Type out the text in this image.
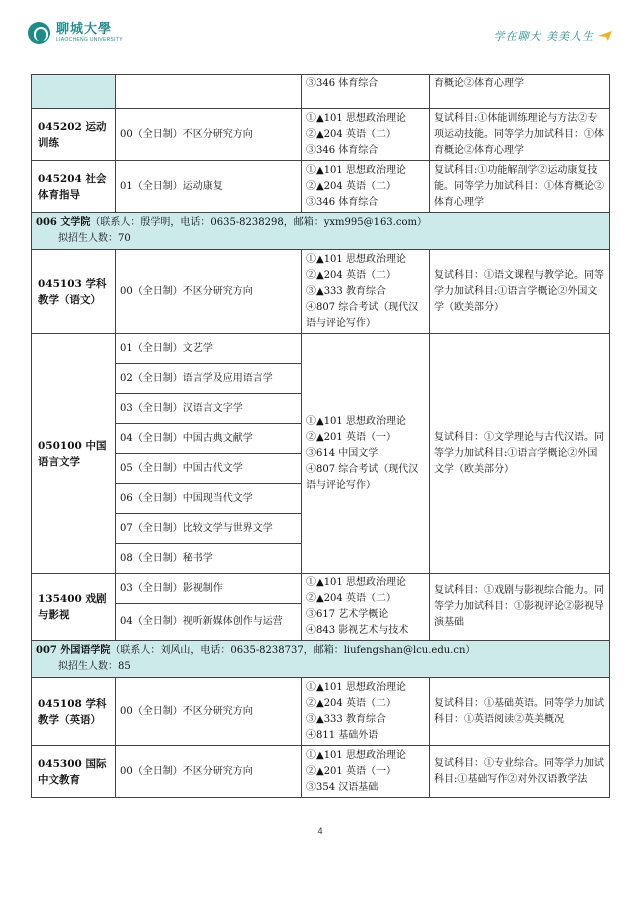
聊城大學
LIAOCHENG UNIVERSITY	学在聊大 美美人生

		③346 体育综合	育概论②体育心理学
045202 运动训练	00（全日制）不区分研究方向	①▲101 思想政治理论
②▲204 英语（二）
③346 体育综合	复试科目:①体能训练理论与方法②专项运动技能。同等学力加试科目：①体育概论②体育心理学
045204 社会体育指导	01（全日制）运动康复	①▲101 思想政治理论
②▲204 英语（二）
③346 体育综合	复试科目:①功能解剖学②运动康复技能。同等学力加试科目：①体育概论②体育心理学
006 文学院（联系人：殷学明，电话：0635-8238298，邮箱：yxm995@163.com）
拟招生人数：70			
045103 学科教学（语文）	00（全日制）不区分研究方向	①▲101 思想政治理论
②▲204 英语（二）
③▲333 教育综合
④807 综合考试（现代汉语与评论写作）	复试科目：①语文课程与教学论。同等学力加试科目:①语言学概论②外国文学（欧美部分）
050100 中国语言文学	01（全日制）文艺学	①▲101 思想政治理论
②▲201 英语（一）
③614 中国文学
④807 综合考试（现代汉语与评论写作）	复试科目：①文学理论与古代汉语。同等学力加试科目:①语言学概论②外国文学（欧美部分）
	02（全日制）语言学及应用语言学		
	03（全日制）汉语言文字学		
	04（全日制）中国古典文献学		
	05（全日制）中国古代文学		
	06（全日制）中国现当代文学		
	07（全日制）比较文学与世界文学		
	08（全日制）秘书学		
135400 戏剧与影视	03（全日制）影视制作	①▲101 思想政治理论
②▲204 英语（二）
③617 艺术学概论
④843 影视艺术与技术	复试科目：①戏剧与影视综合能力。同等学力加试科目：①影视评论②影视导演基础
	04（全日制）视听新媒体创作与运营		
007 外国语学院（联系人：刘风山，电话：0635-8238737，邮箱：liufengshan@lcu.edu.cn）
拟招生人数：85			
045108 学科教学（英语）	00（全日制）不区分研究方向	①▲101 思想政治理论
②▲204 英语（二）
③▲333 教育综合
④811 基础外语	复试科目：①基础英语。同等学力加试科目：①英语阅读②英美概况
045300 国际中文教育	00（全日制）不区分研究方向	①▲101 思想政治理论
②▲201 英语（一）
③354 汉语基础	复试科目：①专业综合。同等学力加试科目:①基础写作②对外汉语教学法
4
